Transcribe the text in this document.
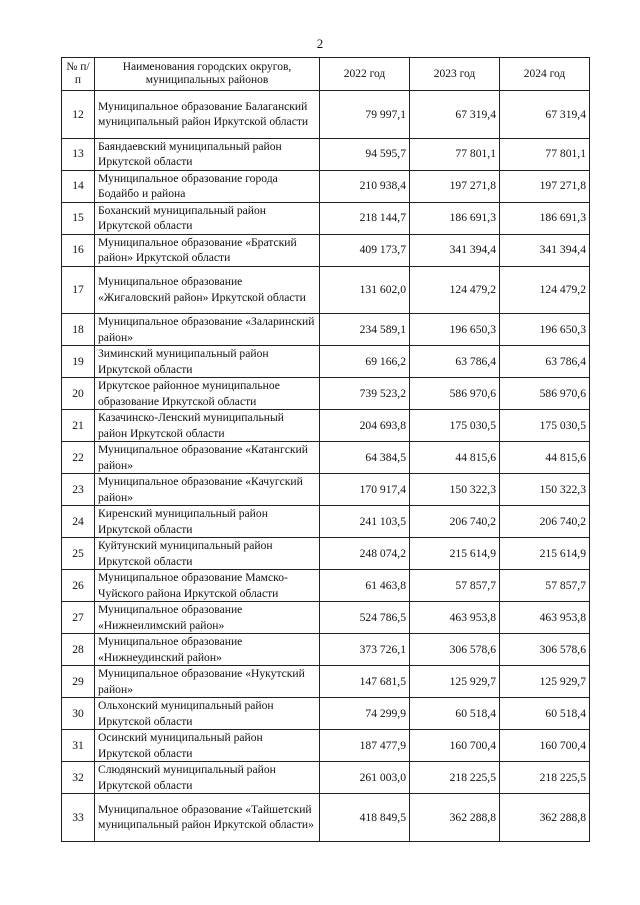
2
№ п/п	Наименования городских округов, муниципальных районов	2022 год	2023 год	2024 год
12	Муниципальное образование Балаганский муниципальный район Иркутской области	79 997,1	67 319,4	67 319,4
13	Баяндаевский муниципальный район Иркутской области	94 595,7	77 801,1	77 801,1
14	Муниципальное образование города Бодайбо и района	210 938,4	197 271,8	197 271,8
15	Боханский муниципальный район Иркутской области	218 144,7	186 691,3	186 691,3
16	Муниципальное образование «Братский район» Иркутской области	409 173,7	341 394,4	341 394,4
17	Муниципальное образование «Жигаловский район» Иркутской области	131 602,0	124 479,2	124 479,2
18	Муниципальное образование «Заларинский район»	234 589,1	196 650,3	196 650,3
19	Зиминский муниципальный район Иркутской области	69 166,2	63 786,4	63 786,4
20	Иркутское районное муниципальное образование Иркутской области	739 523,2	586 970,6	586 970,6
21	Казачинско-Ленский муниципальный район Иркутской области	204 693,8	175 030,5	175 030,5
22	Муниципальное образование «Катангский район»	64 384,5	44 815,6	44 815,6
23	Муниципальное образование «Качугский район»	170 917,4	150 322,3	150 322,3
24	Киренский муниципальный район Иркутской области	241 103,5	206 740,2	206 740,2
25	Куйтунский муниципальный район Иркутской области	248 074,2	215 614,9	215 614,9
26	Муниципальное образование Мамско-Чуйского района Иркутской области	61 463,8	57 857,7	57 857,7
27	Муниципальное образование «Нижнеилимский район»	524 786,5	463 953,8	463 953,8
28	Муниципальное образование «Нижнеудинский район»	373 726,1	306 578,6	306 578,6
29	Муниципальное образование «Нукутский район»	147 681,5	125 929,7	125 929,7
30	Ольхонский муниципальный район Иркутской области	74 299,9	60 518,4	60 518,4
31	Осинский муниципальный район Иркутской области	187 477,9	160 700,4	160 700,4
32	Слюдянский муниципальный район Иркутской области	261 003,0	218 225,5	218 225,5
33	Муниципальное образование «Тайшетский муниципальный район Иркутской области»	418 849,5	362 288,8	362 288,8
